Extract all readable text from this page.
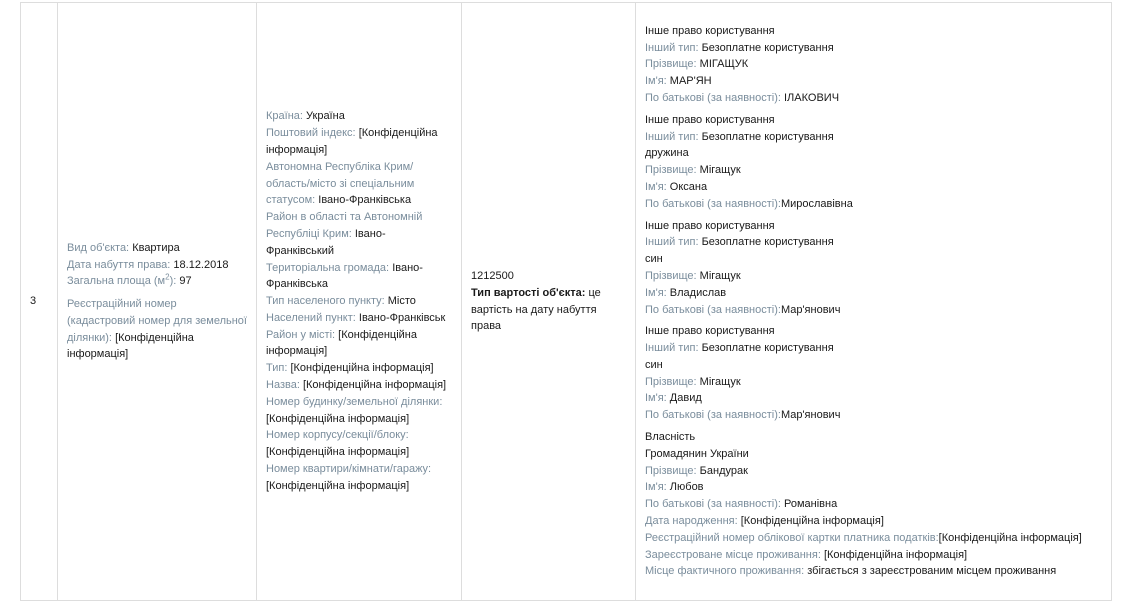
3	
Вид об'єкта: Квартира
Дата набуття права: 18.12.2018
Загальна площа $(м^2)$: 97
Реєстраційний номер (кадастровий номер для земельної ділянки): [Конфіденційна інформація]

Країна: Україна
Поштовий індекс: [Конфіденційна інформація]
Автономна Республіка Крим/ область/місто зі спеціальним статусом: Івано-Франківська
Район в області та Автономній Республіці Крим: Івано-Франківський
Територіальна громада: Івано-Франківська
Тип населеного пункту: Місто
Населений пункт: Івано-Франківськ
Район у місті: [Конфіденційна інформація]
Тип: [Конфіденційна інформація]
Назва: [Конфіденційна інформація]
Номер будинку/земельної ділянки: [Конфіденційна інформація]
Номер корпусу/секції/блоку: [Конфіденційна інформація]
Номер квартири/кімнати/гаражу: [Конфіденційна інформація]

1212500
Тип вартості об'єкта: це вартість на дату набуття права

Інше право користування
Інший тип: Безоплатне користування
Прізвище: МІГАЩУК
Ім'я: МАР'ЯН
По батькові (за наявності): ІЛАКОВИЧ
Інше право користування
Інший тип: Безоплатне користування
дружина
Прізвище: Мігащук
Ім'я: Оксана
По батькові (за наявності):Мирославівна
Інше право користування
Інший тип: Безоплатне користування
син
Прізвище: Мігащук
Ім'я: Владислав
По батькові (за наявності):Мар'янович
Інше право користування
Інший тип: Безоплатне користування
син
Прізвище: Мігащук
Ім'я: Давид
По батькові (за наявності):Мар'янович
Власність
Громадянин України
Прізвище: Бандурак
Ім'я: Любов
По батькові (за наявності): Романівна
Дата народження: [Конфіденційна інформація]
Реєстраційний номер облікової картки платника податків:[Конфіденційна інформація]
Зареєстроване місце проживання: [Конфіденційна інформація]
Місце фактичного проживання: збігається з зареєстрованим місцем проживання
